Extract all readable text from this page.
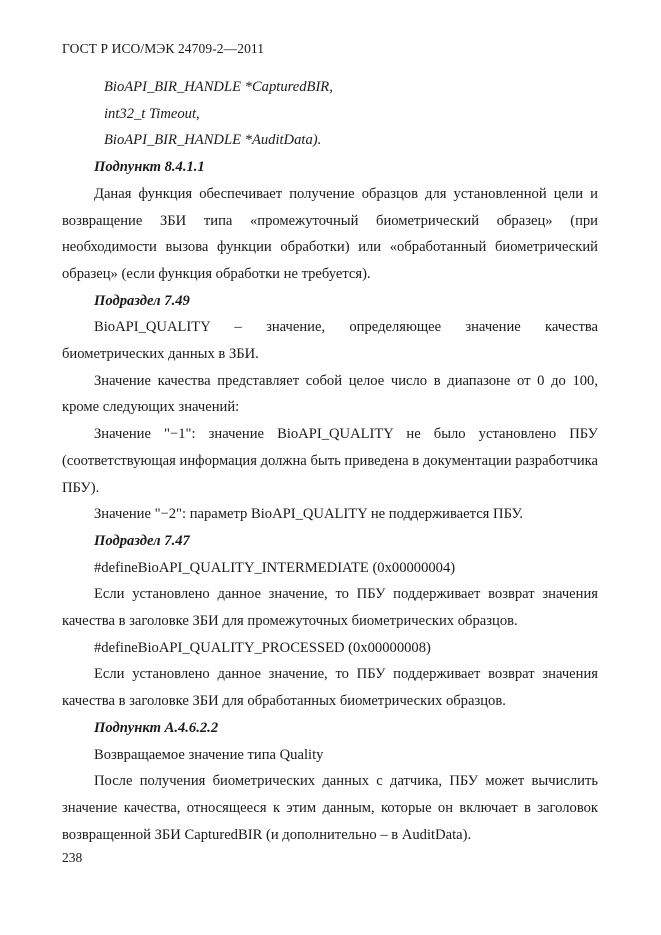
ГОСТ Р ИСО/МЭК 24709-2—2011
BioAPI_BIR_HANDLE *CapturedBIR,
int32_t Timeout,
BioAPI_BIR_HANDLE *AuditData).
Подпункт 8.4.1.1
Даная функция обеспечивает получение образцов для установленной цели и возвращение ЗБИ типа «промежуточный биометрический образец» (при необходимости вызова функции обработки) или «обработанный биометрический образец» (если функция обработки не требуется).
Подраздел 7.49
BioAPI_QUALITY – значение, определяющее значение качества биометрических данных в ЗБИ.
Значение качества представляет собой целое число в диапазоне от 0 до 100, кроме следующих значений:
Значение "−1": значение BioAPI_QUALITY не было установлено ПБУ (соответствующая информация должна быть приведена в документации разработчика ПБУ).
Значение "−2": параметр BioAPI_QUALITY не поддерживается ПБУ.
Подраздел 7.47
#defineBioAPI_QUALITY_INTERMEDIATE (0x00000004)
Если установлено данное значение, то ПБУ поддерживает возврат значения качества в заголовке ЗБИ для промежуточных биометрических образцов.
#defineBioAPI_QUALITY_PROCESSED (0x00000008)
Если установлено данное значение, то ПБУ поддерживает возврат значения качества в заголовке ЗБИ для обработанных биометрических образцов.
Подпункт А.4.6.2.2
Возвращаемое значение типа Quality
После получения биометрических данных с датчика, ПБУ может вычислить значение качества, относящееся к этим данным, которые он включает в заголовок возвращенной ЗБИ CapturedBIR (и дополнительно – в AuditData).
238
